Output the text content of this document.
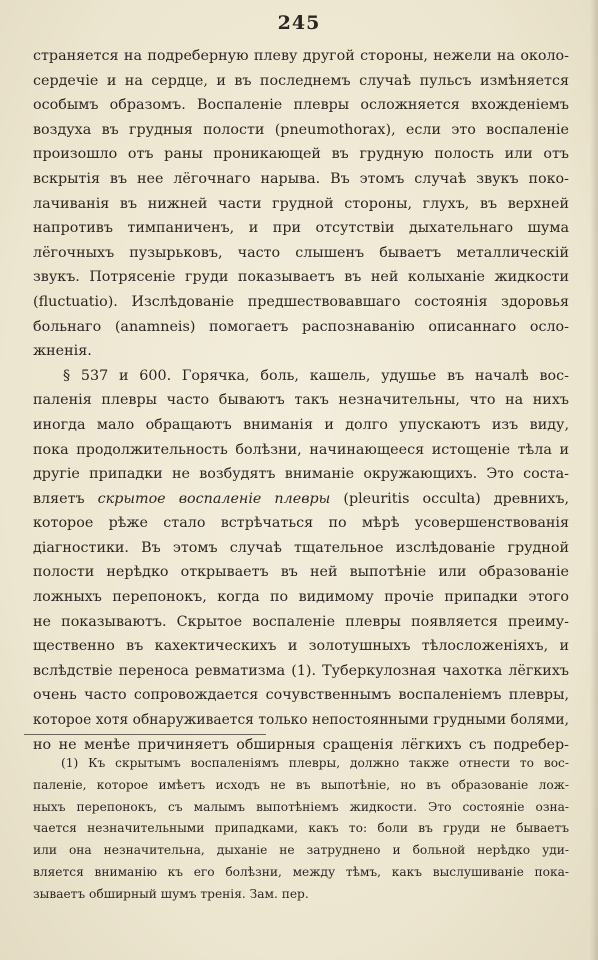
245
страняется на подреберную плеву другой стороны, нежели на около-
сердечіе и на сердце, и въ последнемъ случаѣ пульсъ измѣняется
особымъ образомъ. Воспаленіе плевры осложняется вхожденіемъ
воздуха въ грудныя полости (pneumothorax), если это воспаленіе
произошло отъ раны проникающей въ грудную полость или отъ
вскрытія въ нее лёгочнаго нарыва. Въ этомъ случаѣ звукъ поко-
лачиванія въ нижней части грудной стороны, глухъ, въ верхней
напротивъ тимпаниченъ, и при отсутствіи дыхательнаго шума
лёгочныхъ пузырьковъ, часто слышенъ бываетъ металлическій
звукъ. Потрясеніе груди показываетъ въ ней колыханіе жидкости
(fluctuatio). Изслѣдованіе предшествовавшаго состоянія здоровья
больнаго (anamneis) помогаетъ распознаванію описаннаго осло-
жненія.
§ 537 и 600. Горячка, боль, кашель, удушье въ началѣ вос-
паленія плевры часто бываютъ такъ незначительны, что на нихъ
иногда мало обращаютъ вниманія и долго упускаютъ изъ виду,
пока продолжительность болѣзни, начинающееся истощеніе тѣла и
другіе припадки не возбудятъ вниманіе окружающихъ. Это соста-
вляетъ скрытое воспаленіе плевры (pleuritis occulta) древнихъ,
которое рѣже стало встрѣчаться по мѣрѣ усовершенствованія
діагностики. Въ этомъ случаѣ тщательное изслѣдованіе грудной
полости нерѣдко открываетъ въ ней выпотѣніе или образованіе
ложныхъ перепонокъ, когда по видимому прочіе припадки этого
не показываютъ. Скрытое воспаленіе плевры появляется преиму-
щественно въ кахектическихъ и золотушныхъ тѣлосложеніяхъ, и
вслѣдствіе переноса ревматизма (1). Туберкулозная чахотка лёгкихъ
очень часто сопровождается сочувственнымъ воспаленіемъ плевры,
которое хотя обнаруживается только непостоянными грудными болями,
но не менѣе причиняетъ обширныя сращенія лёгкихъ съ подребер-
(1) Къ скрытымъ воспаленіямъ плевры, должно также отнести то вос-
паленіе, которое имѣетъ исходъ не въ выпотѣніе, но въ образованіе лож-
ныхъ перепонокъ, съ малымъ выпотѣніемъ жидкости. Это состояніе озна-
чается незначительными припадками, какъ то: боли въ груди не бываетъ
или она незначительна, дыханіе не затруднено и больной нерѣдко уди-
вляется вниманію къ его болѣзни, между тѣмъ, какъ выслушиваніе пока-
зываетъ обширный шумъ тренія. Зам. пер.
